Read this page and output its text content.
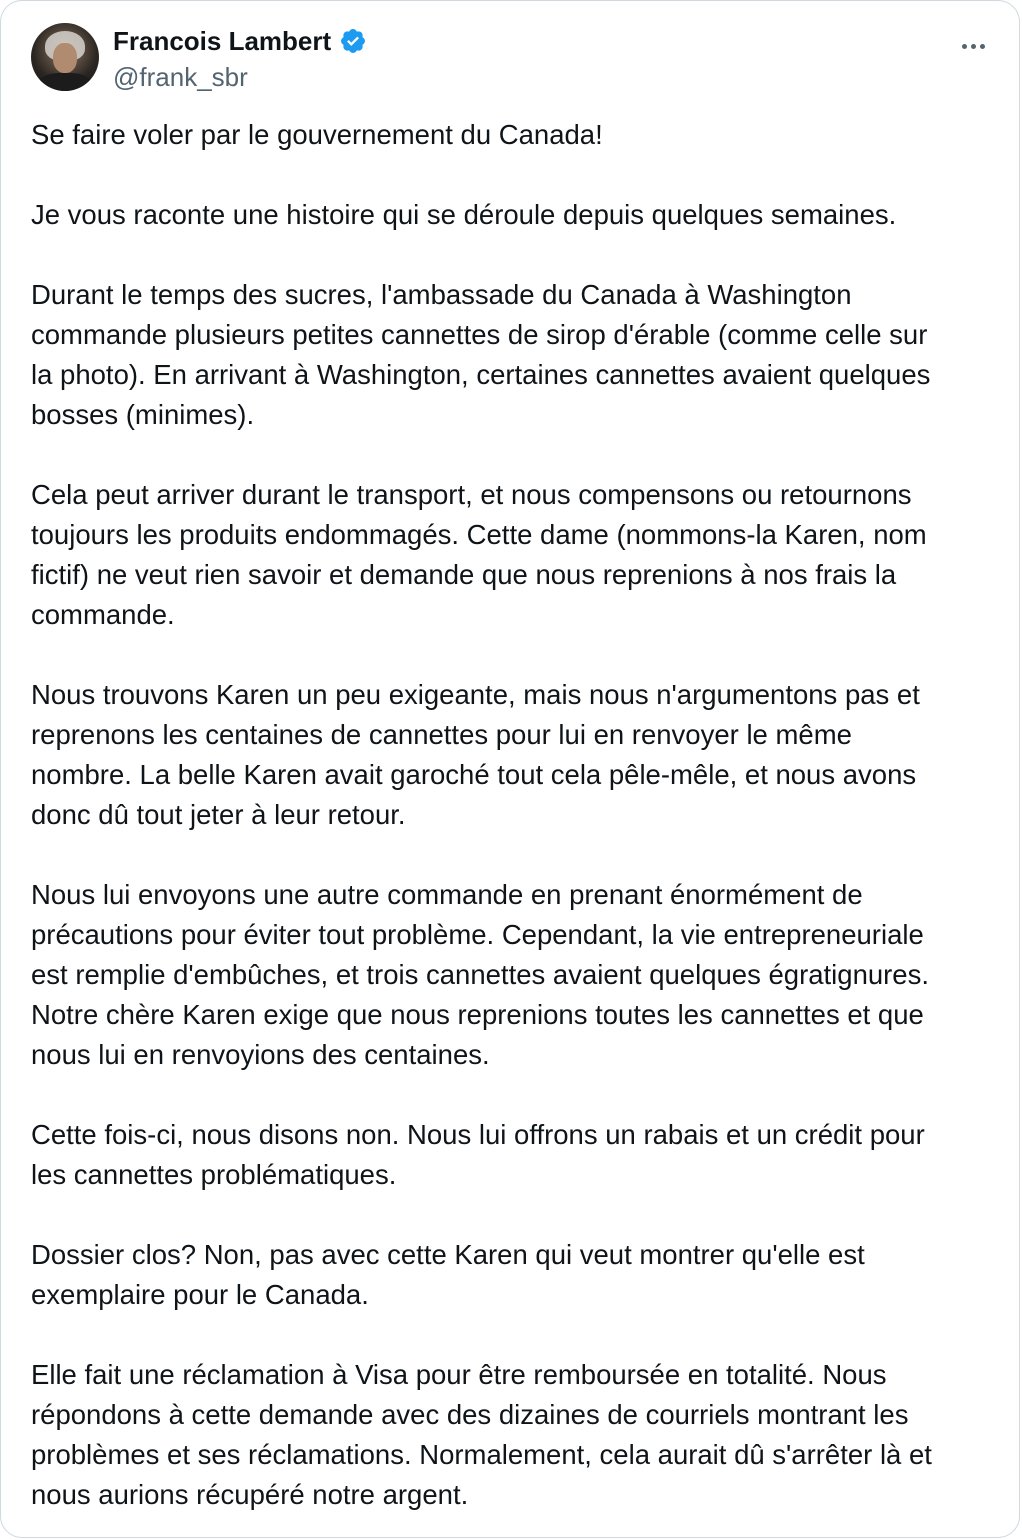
Francois Lambert
@frank_sbr

Se faire voler par le gouvernement du Canada!

Je vous raconte une histoire qui se déroule depuis quelques semaines.

Durant le temps des sucres, l'ambassade du Canada à Washington
commande plusieurs petites cannettes de sirop d'érable (comme celle sur
la photo). En arrivant à Washington, certaines cannettes avaient quelques
bosses (minimes).

Cela peut arriver durant le transport, et nous compensons ou retournons
toujours les produits endommagés. Cette dame (nommons-la Karen, nom
fictif) ne veut rien savoir et demande que nous reprenions à nos frais la
commande.

Nous trouvons Karen un peu exigeante, mais nous n'argumentons pas et
reprenons les centaines de cannettes pour lui en renvoyer le même
nombre. La belle Karen avait garoché tout cela pêle-mêle, et nous avons
donc dû tout jeter à leur retour.

Nous lui envoyons une autre commande en prenant énormément de
précautions pour éviter tout problème. Cependant, la vie entrepreneuriale
est remplie d'embûches, et trois cannettes avaient quelques égratignures.
Notre chère Karen exige que nous reprenions toutes les cannettes et que
nous lui en renvoyions des centaines.

Cette fois-ci, nous disons non. Nous lui offrons un rabais et un crédit pour
les cannettes problématiques.

Dossier clos? Non, pas avec cette Karen qui veut montrer qu'elle est
exemplaire pour le Canada.

Elle fait une réclamation à Visa pour être remboursée en totalité. Nous
répondons à cette demande avec des dizaines de courriels montrant les
problèmes et ses réclamations. Normalement, cela aurait dû s'arrêter là et
nous aurions récupéré notre argent.
